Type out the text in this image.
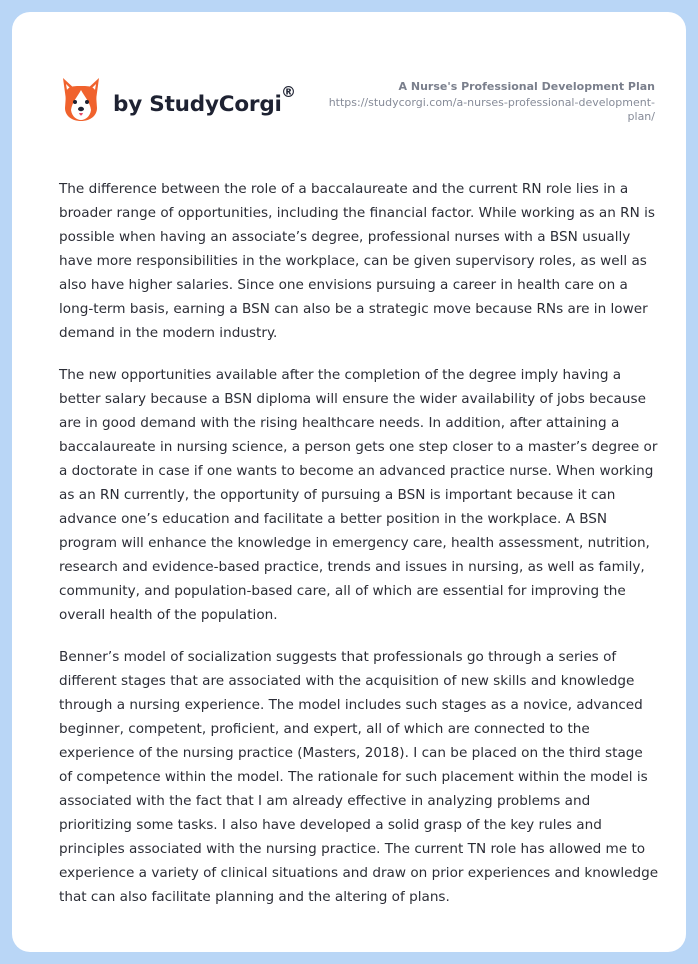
by StudyCorgi ®	A Nurse's Professional Development Plan
https://studycorgi.com/a-nurses-professional-development-
plan/

The difference between the role of a baccalaureate and the current RN role lies in a broader range of opportunities, including the financial factor. While working as an RN is possible when having an associate’s degree, professional nurses with a BSN usually have more responsibilities in the workplace, can be given supervisory roles, as well as also have higher salaries. Since one envisions pursuing a career in health care on a long-term basis, earning a BSN can also be a strategic move because RNs are in lower demand in the modern industry.

The new opportunities available after the completion of the degree imply having a better salary because a BSN diploma will ensure the wider availability of jobs because are in good demand with the rising healthcare needs. In addition, after attaining a baccalaureate in nursing science, a person gets one step closer to a master’s degree or a doctorate in case if one wants to become an advanced practice nurse. When working as an RN currently, the opportunity of pursuing a BSN is important because it can advance one’s education and facilitate a better position in the workplace. A BSN program will enhance the knowledge in emergency care, health assessment, nutrition, research and evidence-based practice, trends and issues in nursing, as well as family, community, and population-based care, all of which are essential for improving the overall health of the population.

Benner’s model of socialization suggests that professionals go through a series of different stages that are associated with the acquisition of new skills and knowledge through a nursing experience. The model includes such stages as a novice, advanced beginner, competent, proficient, and expert, all of which are connected to the experience of the nursing practice (Masters, 2018). I can be placed on the third stage of competence within the model. The rationale for such placement within the model is associated with the fact that I am already effective in analyzing problems and prioritizing some tasks. I also have developed a solid grasp of the key rules and principles associated with the nursing practice. The current TN role has allowed me to experience a variety of clinical situations and draw on prior experiences and knowledge that can also facilitate planning and the altering of plans.
